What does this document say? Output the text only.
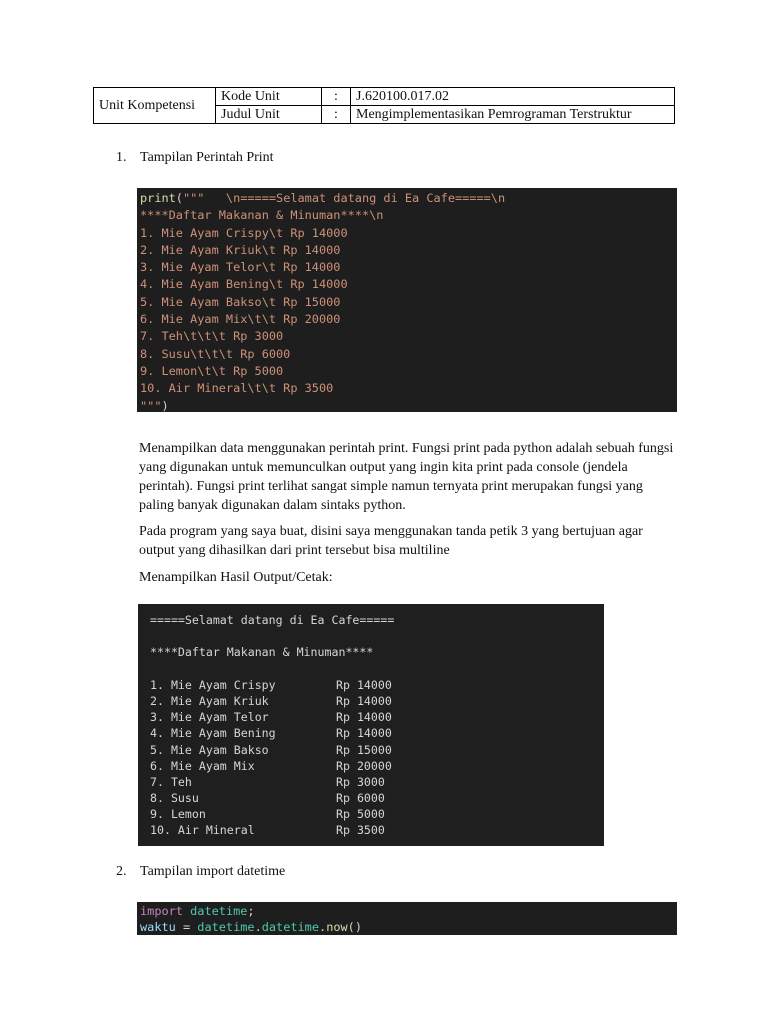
Unit Kompetensi	Kode Unit	:	J.620100.017.02
	Judul Unit	:	Mengimplementasikan Pemrograman Terstruktur
1. Tampilan Perintah Print
print("""   \n=====Selamat datang di Ea Cafe=====\n
****Daftar Makanan & Minuman****\n
1. Mie Ayam Crispy\t Rp 14000
2. Mie Ayam Kriuk\t Rp 14000
3. Mie Ayam Telor\t Rp 14000
4. Mie Ayam Bening\t Rp 14000
5. Mie Ayam Bakso\t Rp 15000
6. Mie Ayam Mix\t\t Rp 20000
7. Teh\t\t\t Rp 3000
8. Susu\t\t\t Rp 6000
9. Lemon\t\t Rp 5000
10. Air Mineral\t\t Rp 3500
""")

Menampilkan data menggunakan perintah print. Fungsi print pada python adalah sebuah fungsi yang digunakan untuk memunculkan output yang ingin kita print pada console (jendela perintah). Fungsi print terlihat sangat simple namun ternyata print merupakan fungsi yang paling banyak digunakan dalam sintaks python.

Pada program yang saya buat, disini saya menggunakan tanda petik 3 yang bertujuan agar output yang dihasilkan dari print tersebut bisa multiline

Menampilkan Hasil Output/Cetak:

=====Selamat datang di Ea Cafe=====
****Daftar Makanan & Minuman****
1. Mie Ayam Crispy	Rp 14000
2. Mie Ayam Kriuk	Rp 14000
3. Mie Ayam Telor	Rp 14000
4. Mie Ayam Bening	Rp 14000
5. Mie Ayam Bakso	Rp 15000
6. Mie Ayam Mix	Rp 20000
7. Teh	Rp 3000
8. Susu	Rp 6000
9. Lemon	Rp 5000
10. Air Mineral	Rp 3500
2. Tampilan import datetime
import datetime;
waktu = datetime.datetime.now()
